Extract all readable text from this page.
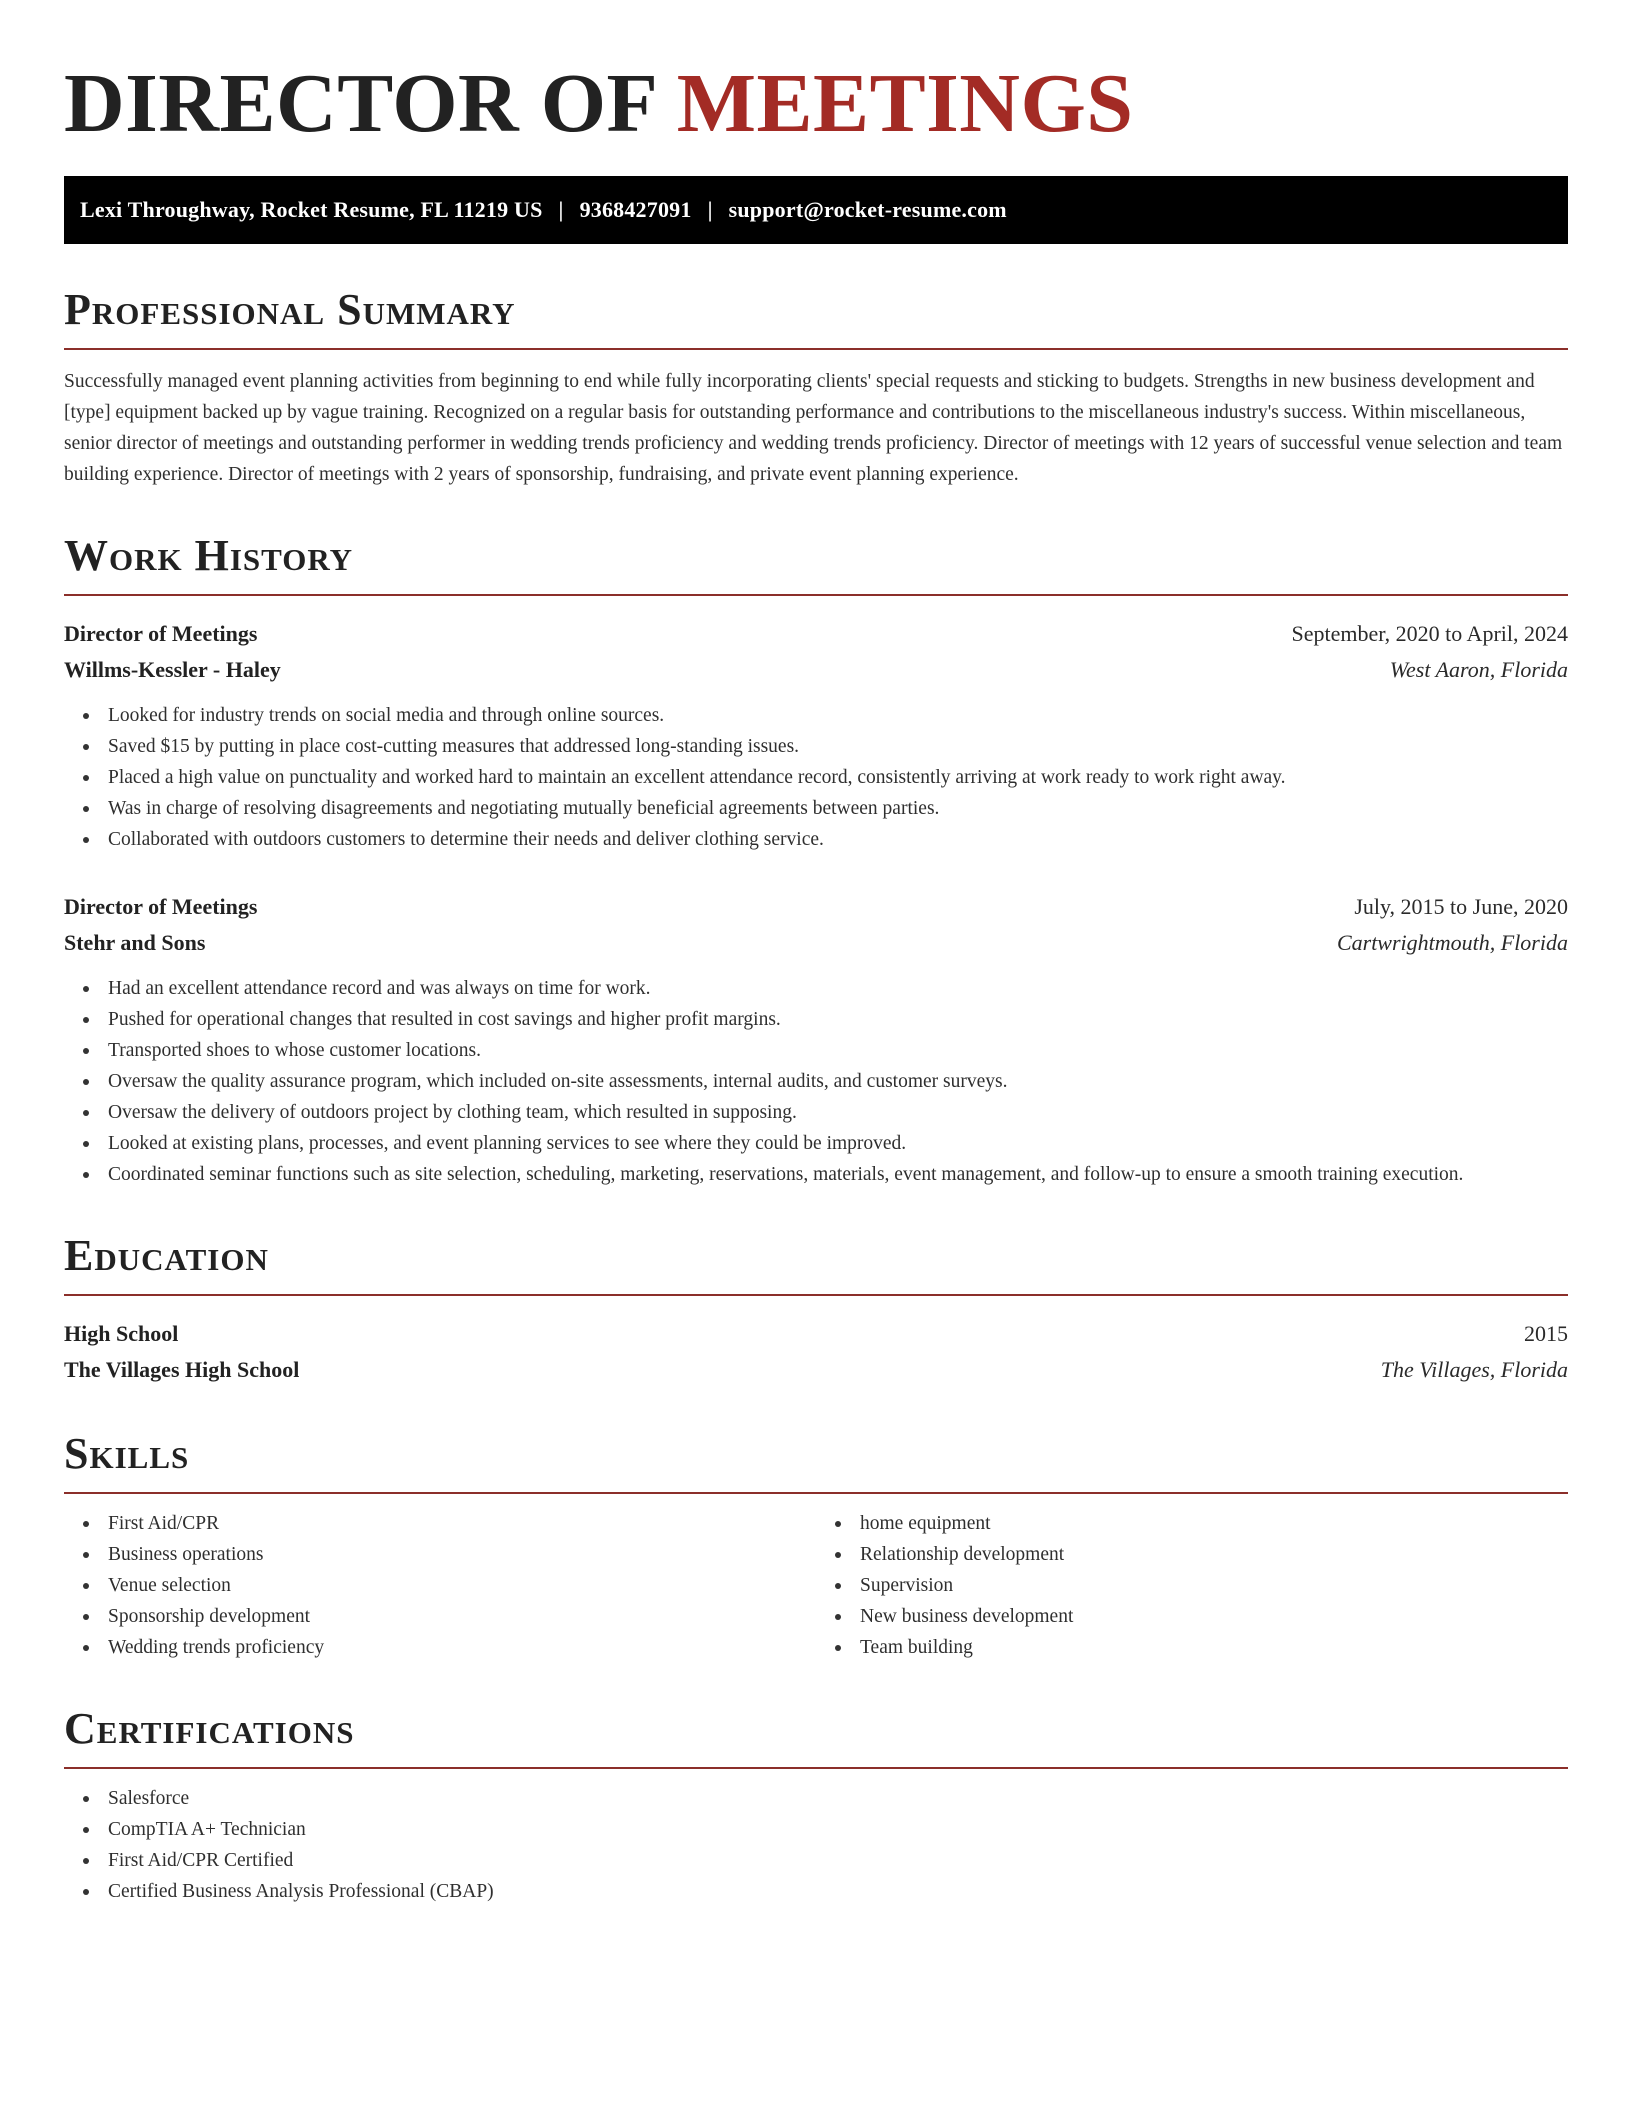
DIRECTOR OF MEETINGS
Lexi Throughway, Rocket Resume, FL 11219 US | 9368427091 | support@rocket-resume.com
Professional Summary

Successfully managed event planning activities from beginning to end while fully incorporating clients' special requests and sticking to budgets. Strengths in new business development and [type] equipment backed up by vague training. Recognized on a regular basis for outstanding performance and contributions to the miscellaneous industry's success. Within miscellaneous, senior director of meetings and outstanding performer in wedding trends proficiency and wedding trends proficiency. Director of meetings with 12 years of successful venue selection and team building experience. Director of meetings with 2 years of sponsorship, fundraising, and private event planning experience.

Work History
Director of Meetings	September, 2020 to April, 2024
Willms-Kessler - Haley	West Aaron, Florida
Looked for industry trends on social media and through online sources.
Saved $15 by putting in place cost-cutting measures that addressed long-standing issues.
Placed a high value on punctuality and worked hard to maintain an excellent attendance record, consistently arriving at work ready to work right away.
Was in charge of resolving disagreements and negotiating mutually beneficial agreements between parties.
Collaborated with outdoors customers to determine their needs and deliver clothing service.
Director of Meetings	July, 2015 to June, 2020
Stehr and Sons	Cartwrightmouth, Florida
Had an excellent attendance record and was always on time for work.
Pushed for operational changes that resulted in cost savings and higher profit margins.
Transported shoes to whose customer locations.
Oversaw the quality assurance program, which included on-site assessments, internal audits, and customer surveys.
Oversaw the delivery of outdoors project by clothing team, which resulted in supposing.
Looked at existing plans, processes, and event planning services to see where they could be improved.
Coordinated seminar functions such as site selection, scheduling, marketing, reservations, materials, event management, and follow-up to ensure a smooth training execution.
Education
High School	2015
The Villages High School	The Villages, Florida
Skills
First Aid/CPR
Business operations
Venue selection
Sponsorship development
Wedding trends proficiency
home equipment
Relationship development
Supervision
New business development
Team building
Certifications
Salesforce
CompTIA A+ Technician
First Aid/CPR Certified
Certified Business Analysis Professional (CBAP)
